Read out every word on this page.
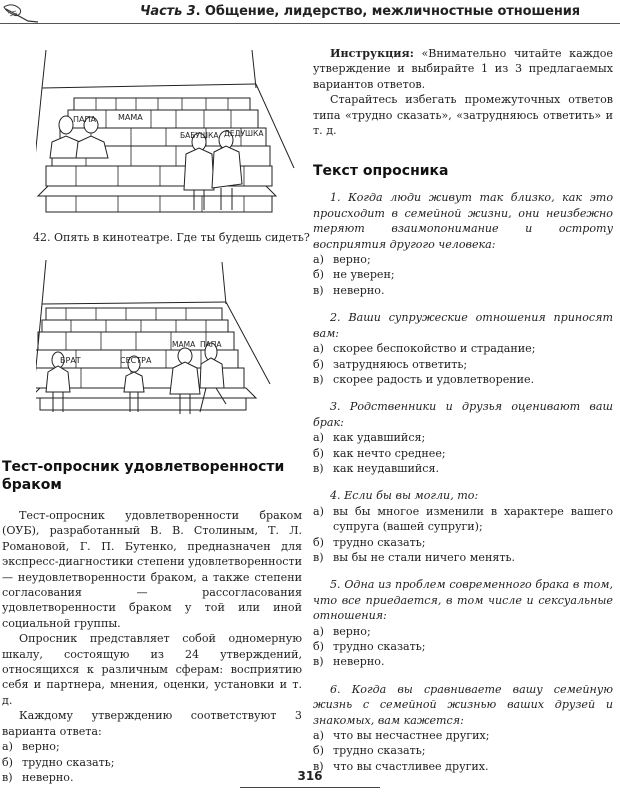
Часть 3. Общение, лидерство, межличностные отношения
ПАПА	МАМА
БАБУШКА ДЕДУШКА
42. Опять в кинотеатре. Где ты будешь сидеть?
БРАТ	СЕСТРА
МАМА ПАПА
Тест-опросник удовлетворенности браком

Тест-опросник удовлетворенности браком (ОУБ), разработанный В. В. Столиным, Т. Л. Ромaновой, Г. П. Бутенко, предназначен для экспресс-диагностики степени удовлетворенности — неудовлетворенности браком, а также степени согласования — рассогласования удовлетворенности браком у той или иной социальной группы.

Опросник представляет собой одномерную шкалу, состоящую из 24 утверждений, относящихся к различным сферам: восприятию себя и партнера, мнения, оценки, установки и т. д.

Каждому утверждению соответствуют 3 варианта ответа:

а) верно;
б) трудно сказать;
в) неверно.

Инструкция: «Внимательно читайте каждое утверждение и выбирайте 1 из 3 предлагаемых вариантов ответов.

Старайтесь избегать промежуточных ответов типа «трудно сказать», «затрудняюсь ответить» и т. д.

Текст опросника

1. Когда люди живут так близко, как это происходит в семейной жизни, они неизбежно теряют взаимопонимание и остроту восприятия другого человека:

а) верно;
б) не уверен;
в) неверно.

2. Ваши супружеские отношения приносят вам:

а) скорее беспокойство и страдание;
б) затрудняюсь ответить;
в) скорее радость и удовлетворение.

3. Родственники и друзья оценивают ваш брак:

а) как удавшийся;
б) как нечто среднее;
в) как неудавшийся.

4. Если бы вы могли, то:

а) вы бы многое изменили в характере вашего супруга (вашей супруги);
б) трудно сказать;
в) вы бы не стали ничего менять.

5. Одна из проблем современного брака в том, что все приедается, в том числе и сексуальные отношения:

а) верно;
б) трудно сказать;
в) неверно.

6. Когда вы сравниваете вашу семейную жизнь с семейной жизнью ваших друзей и знакомых, вам кажется:

а) что вы несчастнее других;
б) трудно сказать;
в) что вы счастливее других.
316
